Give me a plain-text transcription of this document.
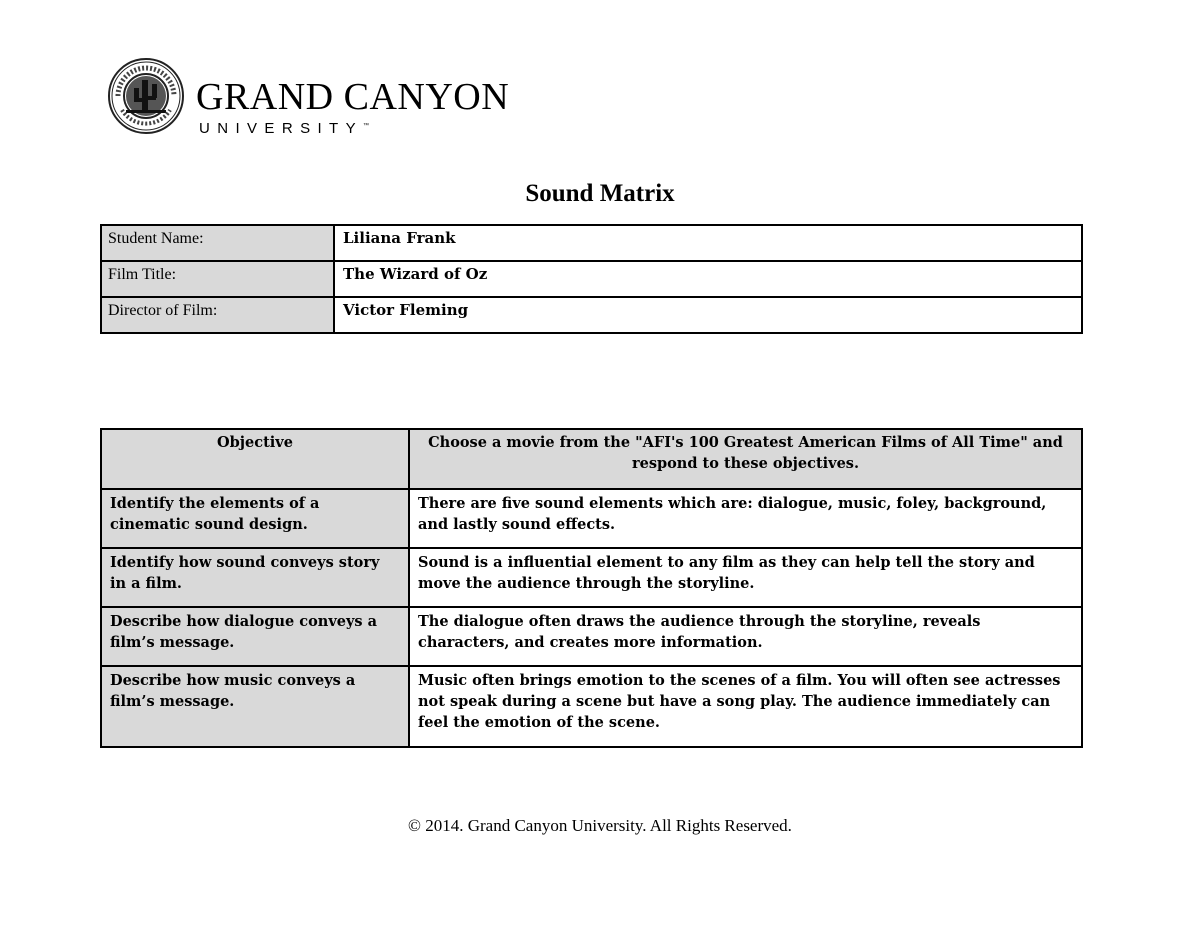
GRAND CANYON
UNIVERSITY™
Sound Matrix
Student Name:	Liliana Frank
Film Title:	The Wizard of Oz
Director of Film:	Victor Fleming
Objective	Choose a movie from the "AFI's 100 Greatest American Films of All Time" and respond to these objectives.
Identify the elements of a cinematic sound design.	There are five sound elements which are: dialogue, music, foley, background, and lastly sound effects.
Identify how sound conveys story in a film.	Sound is a influential element to any film as they can help tell the story and move the audience through the storyline.
Describe how dialogue conveys a film’s message.	The dialogue often draws the audience through the storyline, reveals characters, and creates more information.
Describe how music conveys a film’s message.	Music often brings emotion to the scenes of a film. You will often see actresses not speak during a scene but have a song play. The audience immediately can feel the emotion of the scene.
© 2014. Grand Canyon University. All Rights Reserved.
